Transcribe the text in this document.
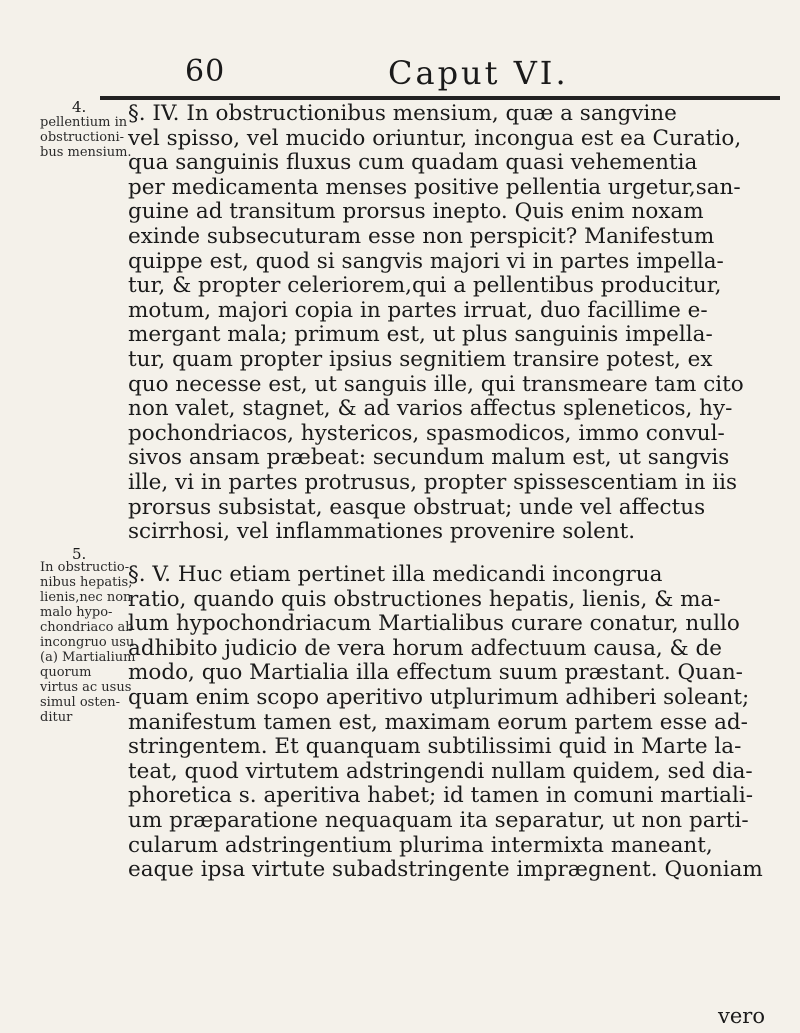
60	Caput VI.
4.
pellentium in
obstructioni-
bus mensium.
5.
In obstructio-
nibus hepatis,
lienis,nec non
malo hypo-
chondriaco ab
incongruo usu
(a) Martialium
quorum
virtus ac usus
simul osten-
ditur
§. IV. In obstructionibus mensium, quæ a sangvine
vel spisso, vel mucido oriuntur, incongua est ea Curatio,
qua sanguinis fluxus cum quadam quasi vehementia
per medicamenta menses positive pellentia urgetur,san-
guine ad transitum prorsus inepto. Quis enim noxam
exinde subsecuturam esse non perspicit? Manifestum
quippe est, quod si sangvis majori vi in partes impella-
tur, & propter celeriorem,qui a pellentibus producitur,
motum, majori copia in partes irruat, duo facillime e-
mergant mala; primum est, ut plus sanguinis impella-
tur, quam propter ipsius segnitiem transire potest, ex
quo necesse est, ut sanguis ille, qui transmeare tam cito
non valet, stagnet, & ad varios affectus spleneticos, hy-
pochondriacos, hystericos, spasmodicos, immo convul-
sivos ansam præbeat: secundum malum est, ut sangvis
ille, vi in partes protrusus, propter spissescentiam in iis
prorsus subsistat, easque obstruat; unde vel affectus
scirrhosi, vel inflammationes provenire solent.
§. V. Huc etiam pertinet illa medicandi incongrua
ratio, quando quis obstructiones hepatis, lienis, & ma-
lum hypochondriacum Martialibus curare conatur, nullo
adhibito judicio de vera horum adfectuum causa, & de
modo, quo Martialia illa effectum suum præstant. Quan-
quam enim scopo aperitivo utplurimum adhiberi soleant;
manifestum tamen est, maximam eorum partem esse ad-
stringentem. Et quanquam subtilissimi quid in Marte la-
teat, quod virtutem adstringendi nullam quidem, sed dia-
phoretica s. aperitiva habet; id tamen in comuni martiali-
um præparatione nequaquam ita separatur, ut non parti-
cularum adstringentium plurima intermixta maneant,
eaque ipsa virtute subadstringente imprægnent. Quoniam
vero
